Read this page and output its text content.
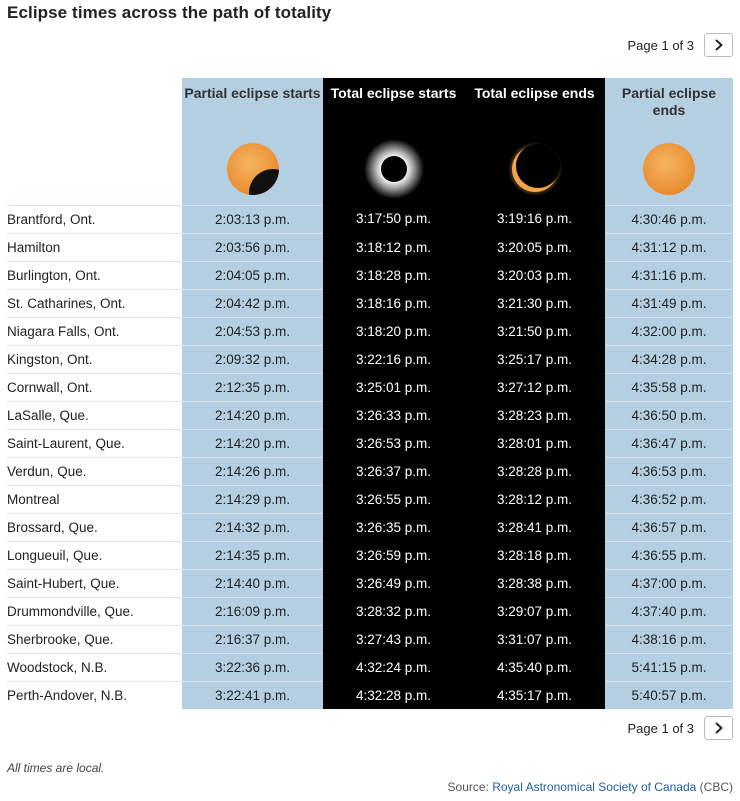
Eclipse times across the path of totality
Page 1 of 3

	Partial eclipse starts	Total eclipse starts	Total eclipse ends	Partial eclipse ends

Brantford, Ont.	2:03:13 p.m.	3:17:50 p.m.	3:19:16 p.m.	4:30:46 p.m.
Hamilton	2:03:56 p.m.	3:18:12 p.m.	3:20:05 p.m.	4:31:12 p.m.
Burlington, Ont.	2:04:05 p.m.	3:18:28 p.m.	3:20:03 p.m.	4:31:16 p.m.
St. Catharines, Ont.	2:04:42 p.m.	3:18:16 p.m.	3:21:30 p.m.	4:31:49 p.m.
Niagara Falls, Ont.	2:04:53 p.m.	3:18:20 p.m.	3:21:50 p.m.	4:32:00 p.m.
Kingston, Ont.	2:09:32 p.m.	3:22:16 p.m.	3:25:17 p.m.	4:34:28 p.m.
Cornwall, Ont.	2:12:35 p.m.	3:25:01 p.m.	3:27:12 p.m.	4:35:58 p.m.
LaSalle, Que.	2:14:20 p.m.	3:26:33 p.m.	3:28:23 p.m.	4:36:50 p.m.
Saint-Laurent, Que.	2:14:20 p.m.	3:26:53 p.m.	3:28:01 p.m.	4:36:47 p.m.
Verdun, Que.	2:14:26 p.m.	3:26:37 p.m.	3:28:28 p.m.	4:36:53 p.m.
Montreal	2:14:29 p.m.	3:26:55 p.m.	3:28:12 p.m.	4:36:52 p.m.
Brossard, Que.	2:14:32 p.m.	3:26:35 p.m.	3:28:41 p.m.	4:36:57 p.m.
Longueuil, Que.	2:14:35 p.m.	3:26:59 p.m.	3:28:18 p.m.	4:36:55 p.m.
Saint-Hubert, Que.	2:14:40 p.m.	3:26:49 p.m.	3:28:38 p.m.	4:37:00 p.m.
Drummondville, Que.	2:16:09 p.m.	3:28:32 p.m.	3:29:07 p.m.	4:37:40 p.m.
Sherbrooke, Que.	2:16:37 p.m.	3:27:43 p.m.	3:31:07 p.m.	4:38:16 p.m.
Woodstock, N.B.	3:22:36 p.m.	4:32:24 p.m.	4:35:40 p.m.	5:41:15 p.m.
Perth-Andover, N.B.	3:22:41 p.m.	4:32:28 p.m.	4:35:17 p.m.	5:40:57 p.m.
Page 1 of 3
All times are local.
Source: Royal Astronomical Society of Canada (CBC)
